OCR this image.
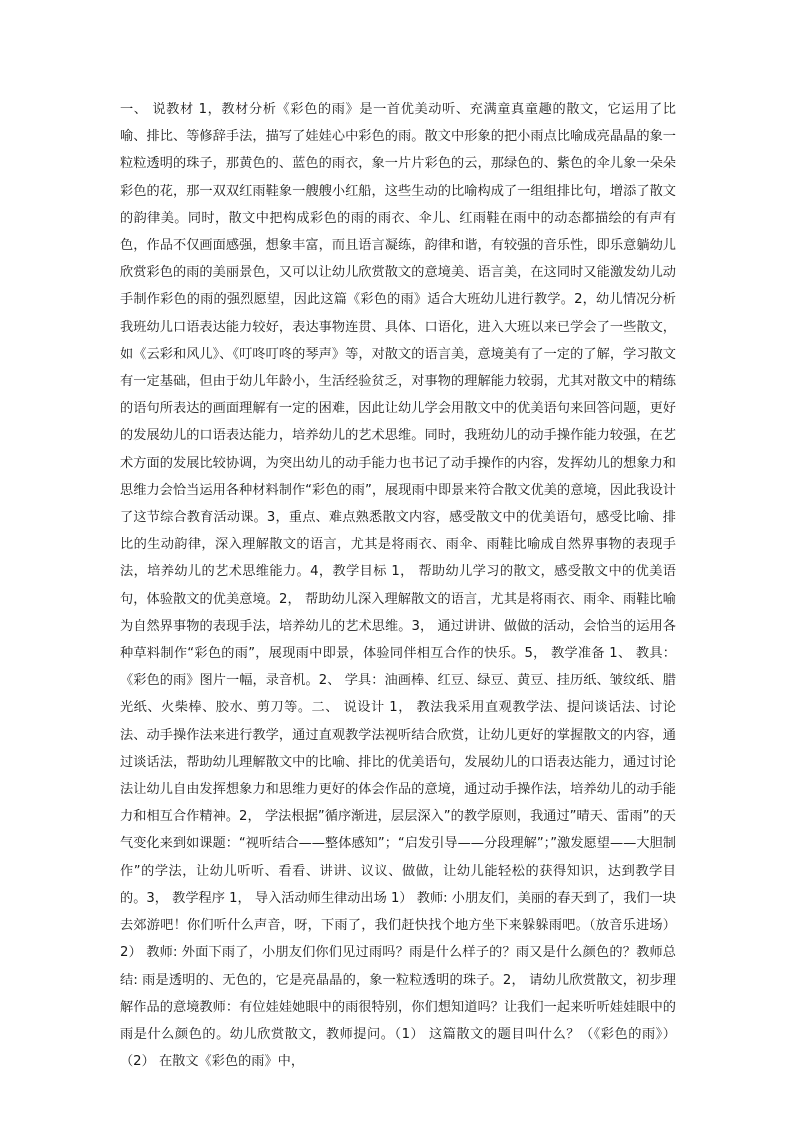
一、 说教材 1，教材分析《彩色的雨》是一首优美动听、充满童真童趣的散文，它运用了比喻、排比、等修辞手法，描写了娃娃心中彩色的雨。散文中形象的把小雨点比喻成亮晶晶的象一粒粒透明的珠子，那黄色的、蓝色的雨衣，象一片片彩色的云，那绿色的、紫色的伞儿象一朵朵彩色的花，那一双双红雨鞋象一艘艘小红船，这些生动的比喻构成了一组组排比句，增添了散文的韵律美。同时，散文中把构成彩色的雨的雨衣、伞儿、红雨鞋在雨中的动态都描绘的有声有色，作品不仅画面感强，想象丰富，而且语言凝练，韵律和谐，有较强的音乐性，即乐意躺幼儿欣赏彩色的雨的美丽景色，又可以让幼儿欣赏散文的意境美、语言美，在这同时又能激发幼儿动手制作彩色的雨的强烈愿望，因此这篇《彩色的雨》适合大班幼儿进行教学。2，幼儿情况分析我班幼儿口语表达能力较好，表达事物连贯、具体、口语化，进入大班以来已学会了一些散文，如《云彩和风儿》、《叮咚叮咚的琴声》等，对散文的语言美，意境美有了一定的了解，学习散文有一定基础，但由于幼儿年龄小，生活经验贫乏，对事物的理解能力较弱，尤其对散文中的精练的语句所表达的画面理解有一定的困难，因此让幼儿学会用散文中的优美语句来回答问题，更好的发展幼儿的口语表达能力，培养幼儿的艺术思维。同时，我班幼儿的动手操作能力较强，在艺术方面的发展比较协调，为突出幼儿的动手能力也书记了动手操作的内容，发挥幼儿的想象力和思维力会恰当运用各种材料制作“彩色的雨”，展现雨中即景来符合散文优美的意境，因此我设计了这节综合教育活动课。3，重点、难点熟悉散文内容，感受散文中的优美语句，感受比喻、排比的生动韵律，深入理解散文的语言，尤其是将雨衣、雨伞、雨鞋比喻成自然界事物的表现手法，培养幼儿的艺术思维能力。4，教学目标 1， 帮助幼儿学习的散文，感受散文中的优美语句，体验散文的优美意境。2， 帮助幼儿深入理解散文的语言，尤其是将雨衣、雨伞、雨鞋比喻为自然界事物的表现手法，培养幼儿的艺术思维。3， 通过讲讲、做做的活动，会恰当的运用各种草料制作“彩色的雨”，展现雨中即景，体验同伴相互合作的快乐。5， 教学准备 1、 教具：《彩色的雨》图片一幅，录音机。2、 学具：油画棒、红豆、绿豆、黄豆、挂历纸、皱纹纸、腊光纸、火柴棒、胶水、剪刀等。二、 说设计 1， 教法我采用直观教学法、提问谈话法、讨论法、动手操作法来进行教学，通过直观教学法视听结合欣赏，让幼儿更好的掌握散文的内容，通过谈话法，帮助幼儿理解散文中的比喻、排比的优美语句，发展幼儿的口语表达能力，通过讨论法让幼儿自由发挥想象力和思维力更好的体会作品的意境，通过动手操作法，培养幼儿的动手能力和相互合作精神。2， 学法根据”循序渐进，层层深入”的教学原则，我通过”晴天、雷雨”的天气变化来到如课题：“视听结合——整体感知”；“启发引导——分段理解”；”激发愿望——大胆制作”的学法，让幼儿听听、看看、讲讲、议议、做做，让幼儿能轻松的获得知识，达到教学目的。3， 教学程序 1， 导入活动师生律动出场 1） 教师: 小朋友们，美丽的春天到了，我们一块去郊游吧！你们听什么声音，呀，下雨了，我们赶快找个地方坐下来躲躲雨吧。（放音乐进场）2） 教师: 外面下雨了，小朋友们你们见过雨吗？雨是什么样子的？雨又是什么颜色的？教师总结: 雨是透明的、无色的，它是亮晶晶的，象一粒粒透明的珠子。2， 请幼儿欣赏散文，初步理解作品的意境教师：有位娃娃她眼中的雨很特别，你们想知道吗？让我们一起来听听娃娃眼中的雨是什么颜色的。幼儿欣赏散文，教师提问。（1） 这篇散文的题目叫什么？（《彩色的雨》）（2） 在散文《彩色的雨》中，
